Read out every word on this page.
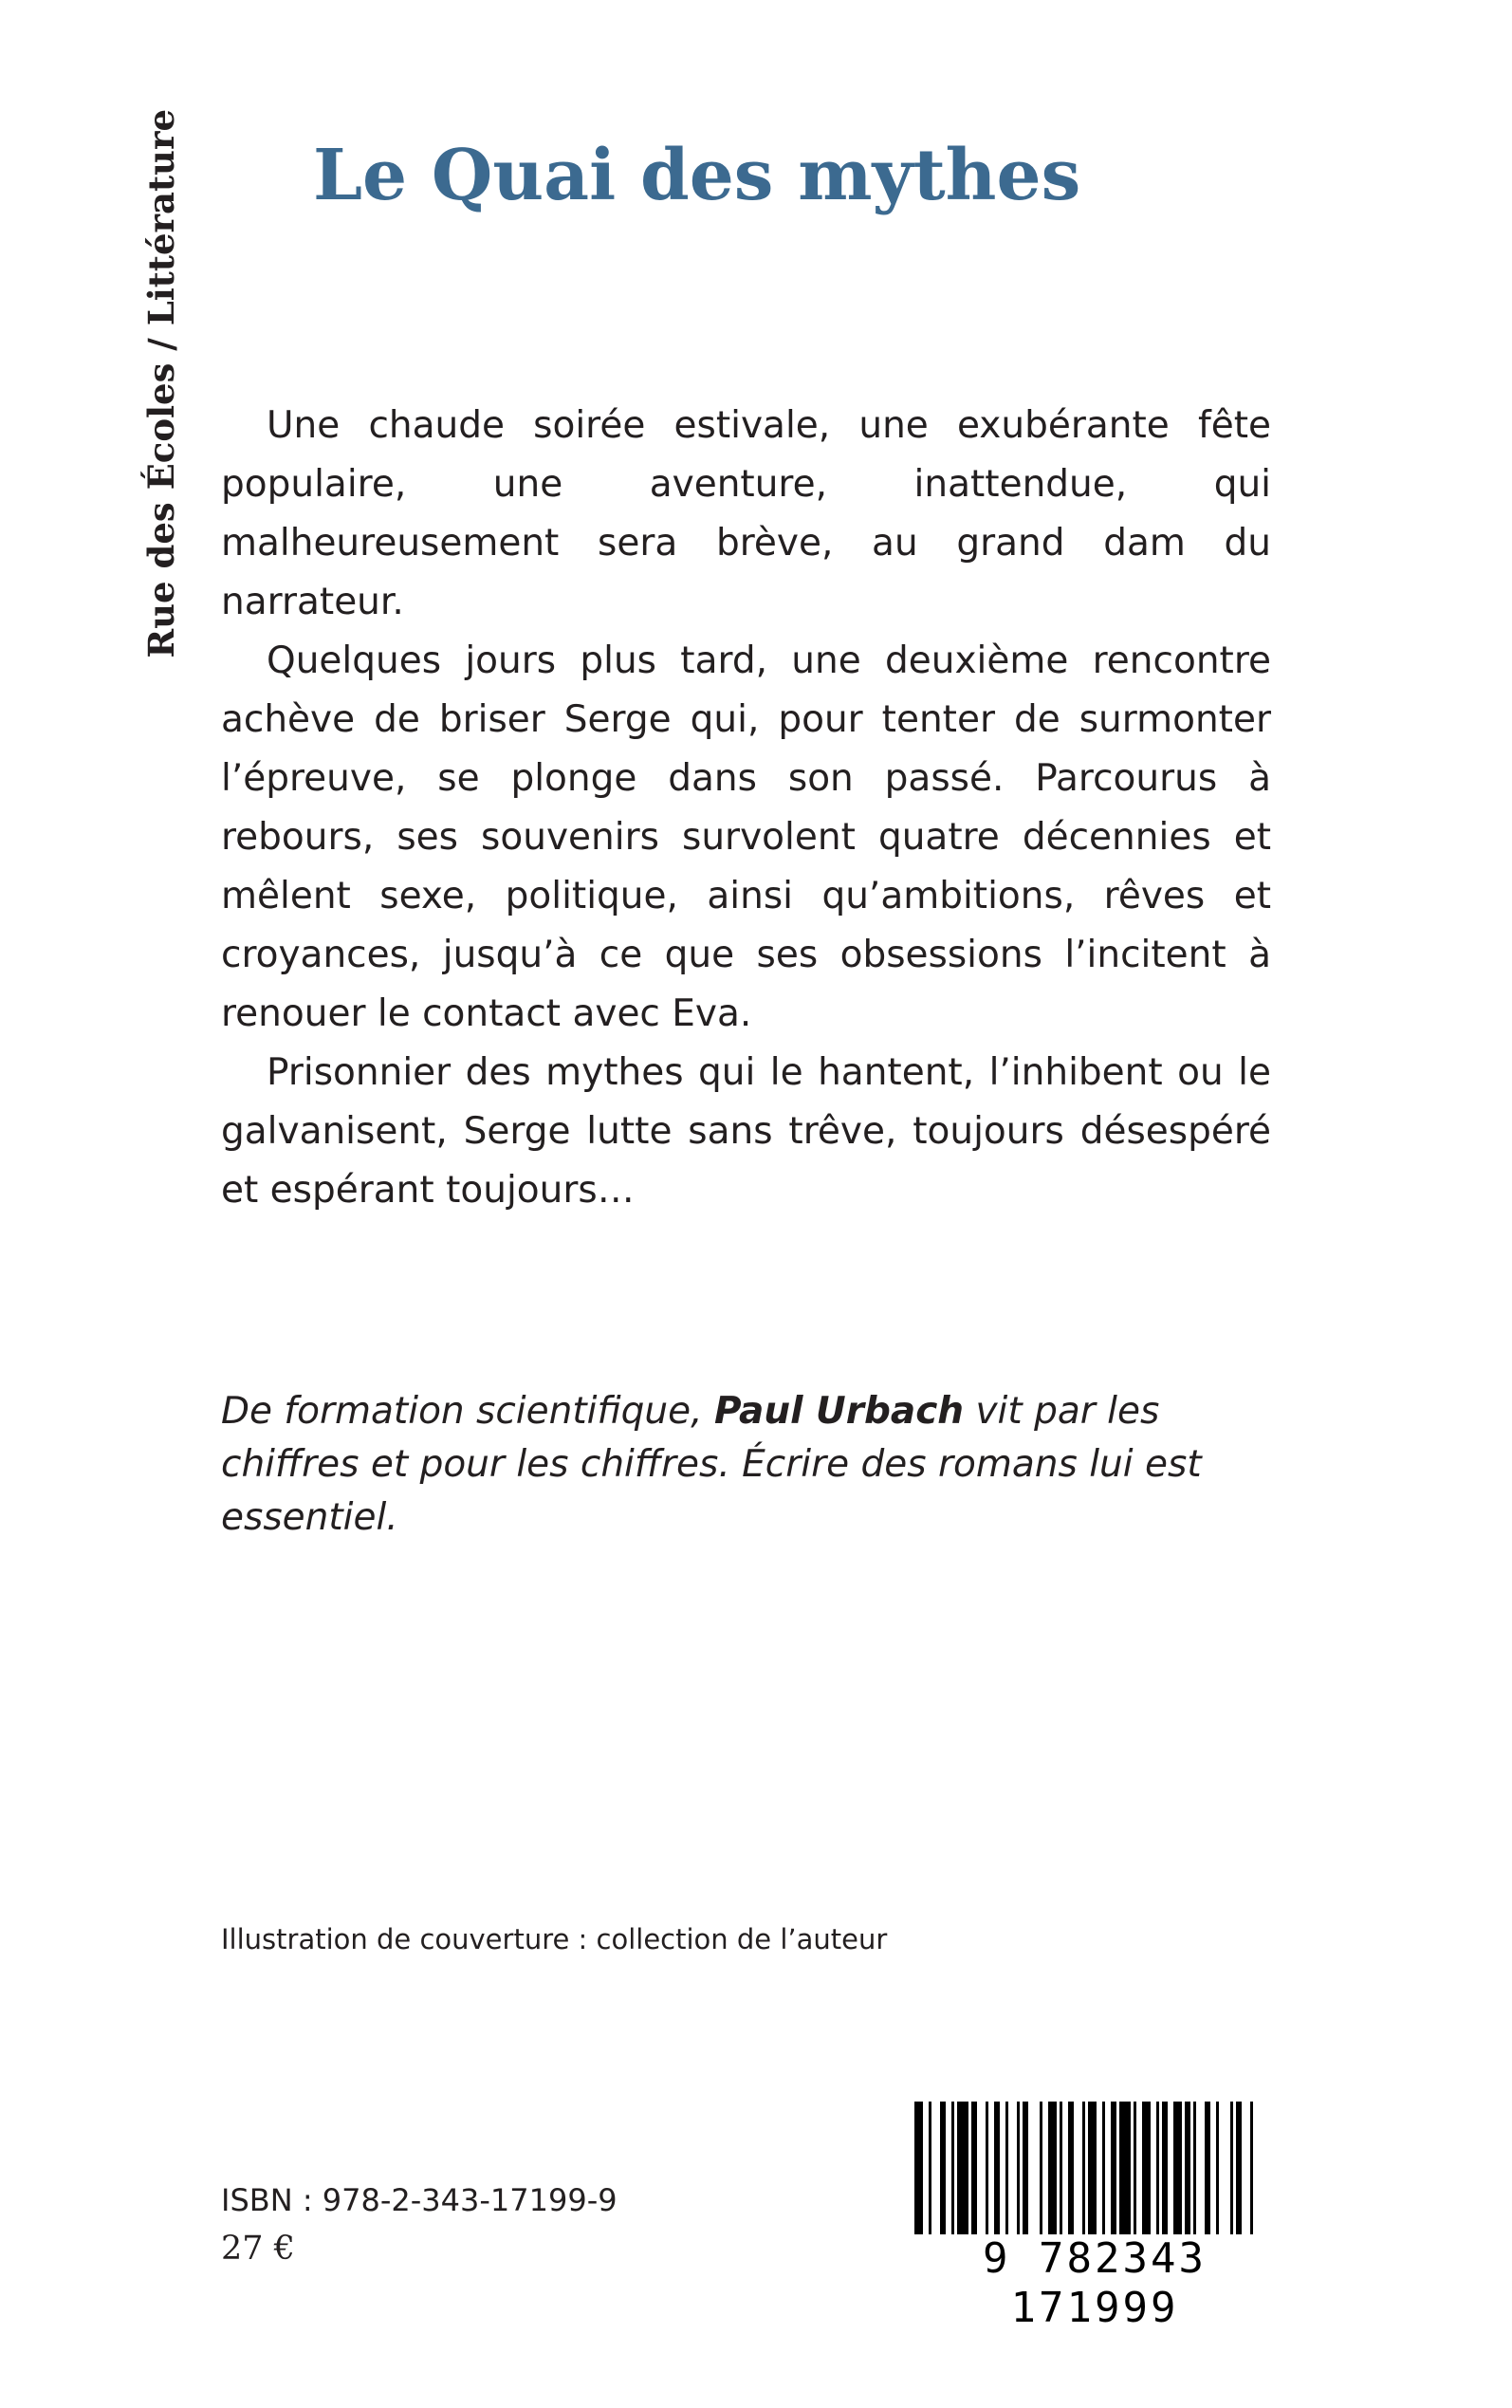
Rue des Écoles / Littérature Le Quai des mythes

Une chaude soirée estivale, une exubérante fête populaire, une aventure, inattendue, qui malheureusement sera brève, au grand dam du narrateur.

Quelques jours plus tard, une deuxième rencontre achève de briser Serge qui, pour tenter de surmonter l’épreuve, se plonge dans son passé. Parcourus à rebours, ses souvenirs survolent quatre décennies et mêlent sexe, politique, ainsi qu’ambitions, rêves et croyances, jusqu’à ce que ses obsessions l’incitent à renouer le contact avec Eva.

Prisonnier des mythes qui le hantent, l’inhibent ou le galvanisent, Serge lutte sans trêve, toujours désespéré et espérant toujours…

De formation scientifique, Paul Urbach vit par les chiffres et pour les chiffres. Écrire des romans lui est essentiel.
Illustration de couverture : collection de l’auteur
ISBN : 978-2-343-17199-9
27 €	9 782343 171999
